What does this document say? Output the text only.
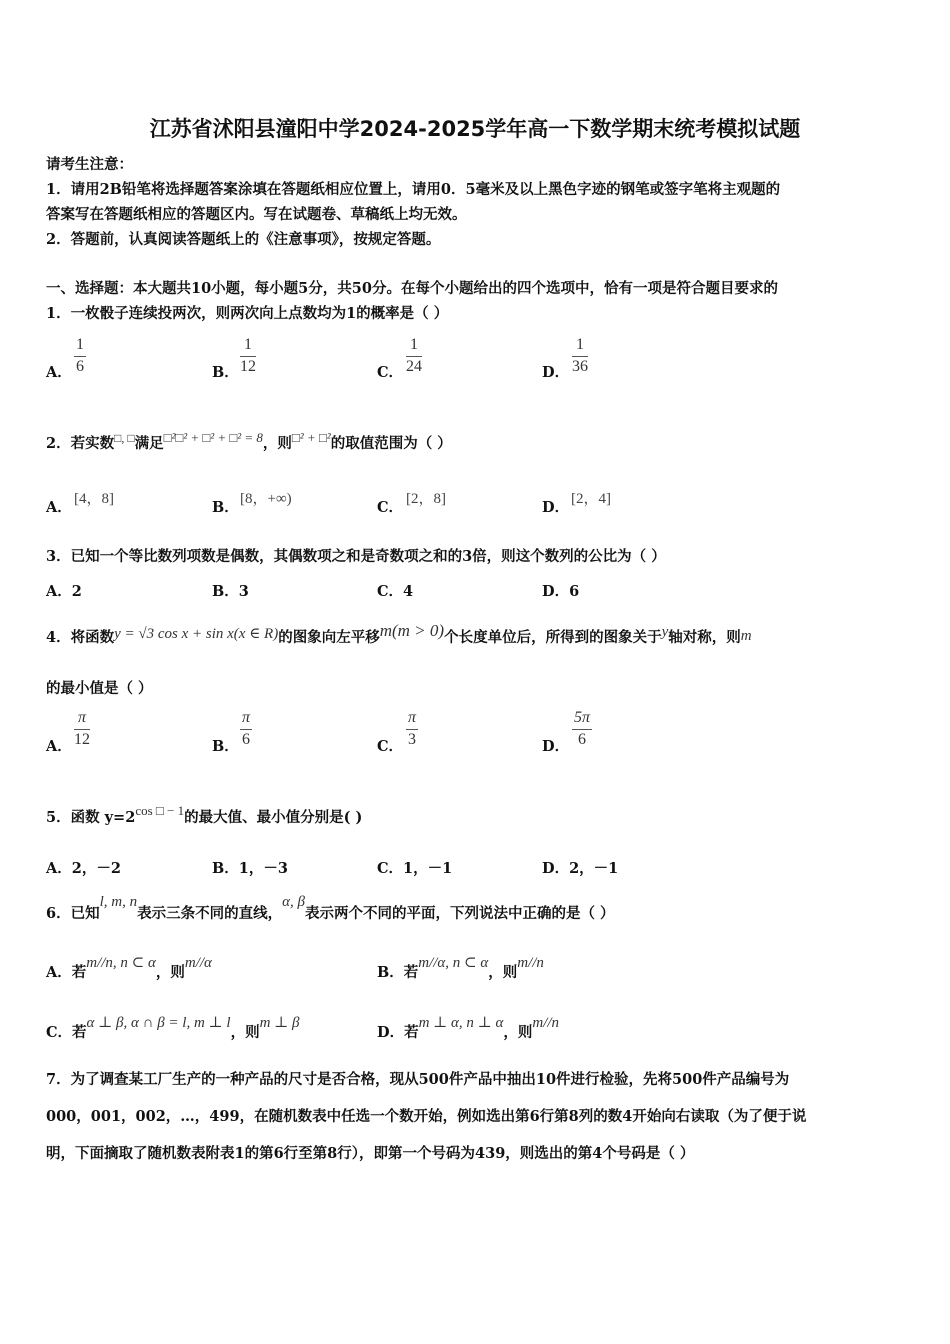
江苏省沭阳县潼阳中学2024-2025学年高一下数学期末统考模拟试题
请考生注意：
1．请用2B铅笔将选择题答案涂填在答题纸相应位置上，请用0．5毫米及以上黑色字迹的钢笔或签字笔将主观题的
答案写在答题纸相应的答题区内。写在试题卷、草稿纸上均无效。
2．答题前，认真阅读答题纸上的《注意事项》，按规定答题。
一、选择题：本大题共10小题，每小题5分，共50分。在每个小题给出的四个选项中，恰有一项是符合题目要求的
1．一枚骰子连续投两次，则两次向上点数均为1的概率是（ ）
A． $\frac{1}{6}$	B． $\frac{1}{12}$	C． $\frac{1}{24}$	D． $\frac{1}{36}$
2．若实数□, □满足□²□² + □² + □² = 8，则□² + □²的取值范围为（ ）
A． [4，8]	B． [8，+∞)	C． [2，8]	D． [2，4]
3．已知一个等比数列项数是偶数，其偶数项之和是奇数项之和的3倍，则这个数列的公比为（ ）
A．2	B．3	C．4	D．6
4．将函数y = √3 cos x + sin x(x ∈ R)的图象向左平移m(m > 0)个长度单位后，所得到的图象关于y轴对称，则m
的最小值是（ ）
A． $\frac{\pi}{12}$	B． $\frac{\pi}{6}$	C． $\frac{\pi}{3}$	D． $\frac{5\pi}{6}$
5．函数 y=2cos □ − 1的最大值、最小值分别是( )
A．2，－2	B．1，－3	C．1，－1	D．2，－1
6．已知l, m, n表示三条不同的直线，α, β表示两个不同的平面，下列说法中正确的是（ ）
A．若m//n, n ⊂ α，则m//α
B．若m//α, n ⊂ α，则m//n
C．若α ⊥ β, α ∩ β = l, m ⊥ l，则m ⊥ β
D．若m ⊥ α, n ⊥ α，则m//n
7．为了调查某工厂生产的一种产品的尺寸是否合格，现从500件产品中抽出10件进行检验，先将500件产品编号为
000，001，002，…，499，在随机数表中任选一个数开始，例如选出第6行第8列的数4开始向右读取（为了便于说
明，下面摘取了随机数表附表1的第6行至第8行），即第一个号码为439，则选出的第4个号码是（ ）
